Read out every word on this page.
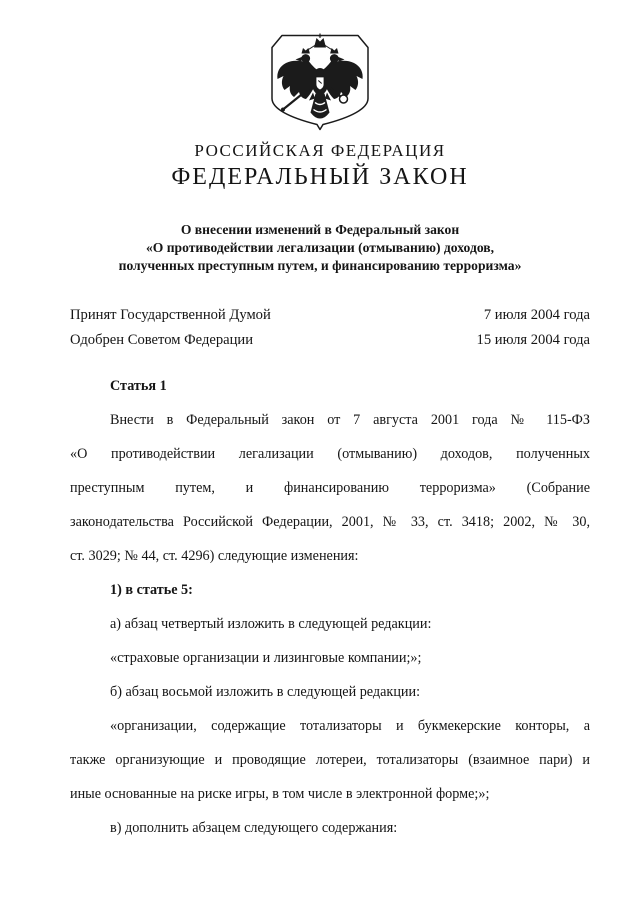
РОССИЙСКАЯ ФЕДЕРАЦИЯ
ФЕДЕРАЛЬНЫЙ ЗАКОН
О внесении изменений в Федеральный закон
«О противодействии легализации (отмыванию) доходов,
полученных преступным путем, и финансированию терроризма»
Принят Государственной Думой	7 июля 2004 года
Одобрен Советом Федерации	15 июля 2004 года
Статья 1
Внести в Федеральный закон от 7 августа 2001 года № 115-ФЗ
«О противодействии легализации (отмыванию) доходов, полученных
преступным путем, и финансированию терроризма» (Собрание
законодательства Российской Федерации, 2001, № 33, ст. 3418; 2002, № 30,
ст. 3029; № 44, ст. 4296) следующие изменения:
1) в статье 5:
а) абзац четвертый изложить в следующей редакции:
«страховые организации и лизинговые компании;»;
б) абзац восьмой изложить в следующей редакции:
«организации, содержащие тотализаторы и букмекерские конторы, а
также организующие и проводящие лотереи, тотализаторы (взаимное пари) и
иные основанные на риске игры, в том числе в электронной форме;»;
в) дополнить абзацем следующего содержания:
